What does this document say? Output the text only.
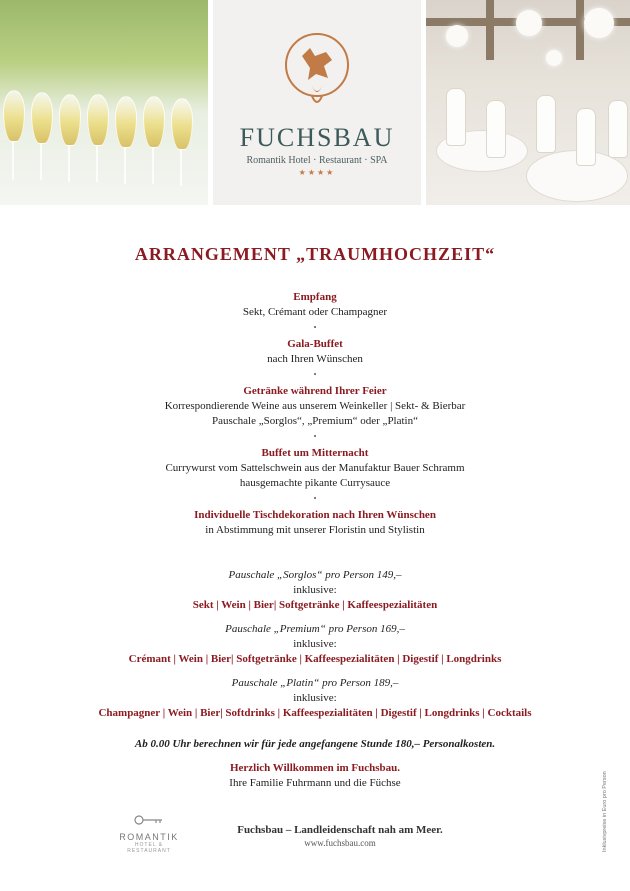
FUCHSBAU
Romantik Hotel · Restaurant · SPA
★★★★
ARRANGEMENT „TRAUMHOCHZEIT“
Empfang
Sekt, Crémant oder Champagner
•
Gala-Buffet
nach Ihren Wünschen
•
Getränke während Ihrer Feier
Korrespondierende Weine aus unserem Weinkeller | Sekt- & Bierbar
Pauschale „Sorglos“, „Premium“ oder „Platin“
•
Buffet um Mitternacht
Currywurst vom Sattelschwein aus der Manufaktur Bauer Schramm
hausgemachte pikante Currysauce
•
Individuelle Tischdekoration nach Ihren Wünschen
in Abstimmung mit unserer Floristin und Stylistin
Pauschale „Sorglos“ pro Person 149,–
inklusive:
Sekt | Wein | Bier| Softgetränke | Kaffeespezialitäten
Pauschale „Premium“ pro Person 169,–
inklusive:
Crémant | Wein | Bier| Softgetränke | Kaffeespezialitäten | Digestif | Longdrinks
Pauschale „Platin“ pro Person 189,–
inklusive:
Champagner | Wein | Bier| Softdrinks | Kaffeespezialitäten | Digestif | Longdrinks | Cocktails
Ab 0.00 Uhr berechnen wir für jede angefangene Stunde 180,– Personalkosten.
Herzlich Willkommen im Fuchsbau.
Ihre Familie Fuhrmann und die Füchse
ROMANTIK
HOTEL & RESTAURANT
Fuchsbau – Landleidenschaft nah am Meer.
www.fuchsbau.com	Inklusivpreise in Euro pro Person
